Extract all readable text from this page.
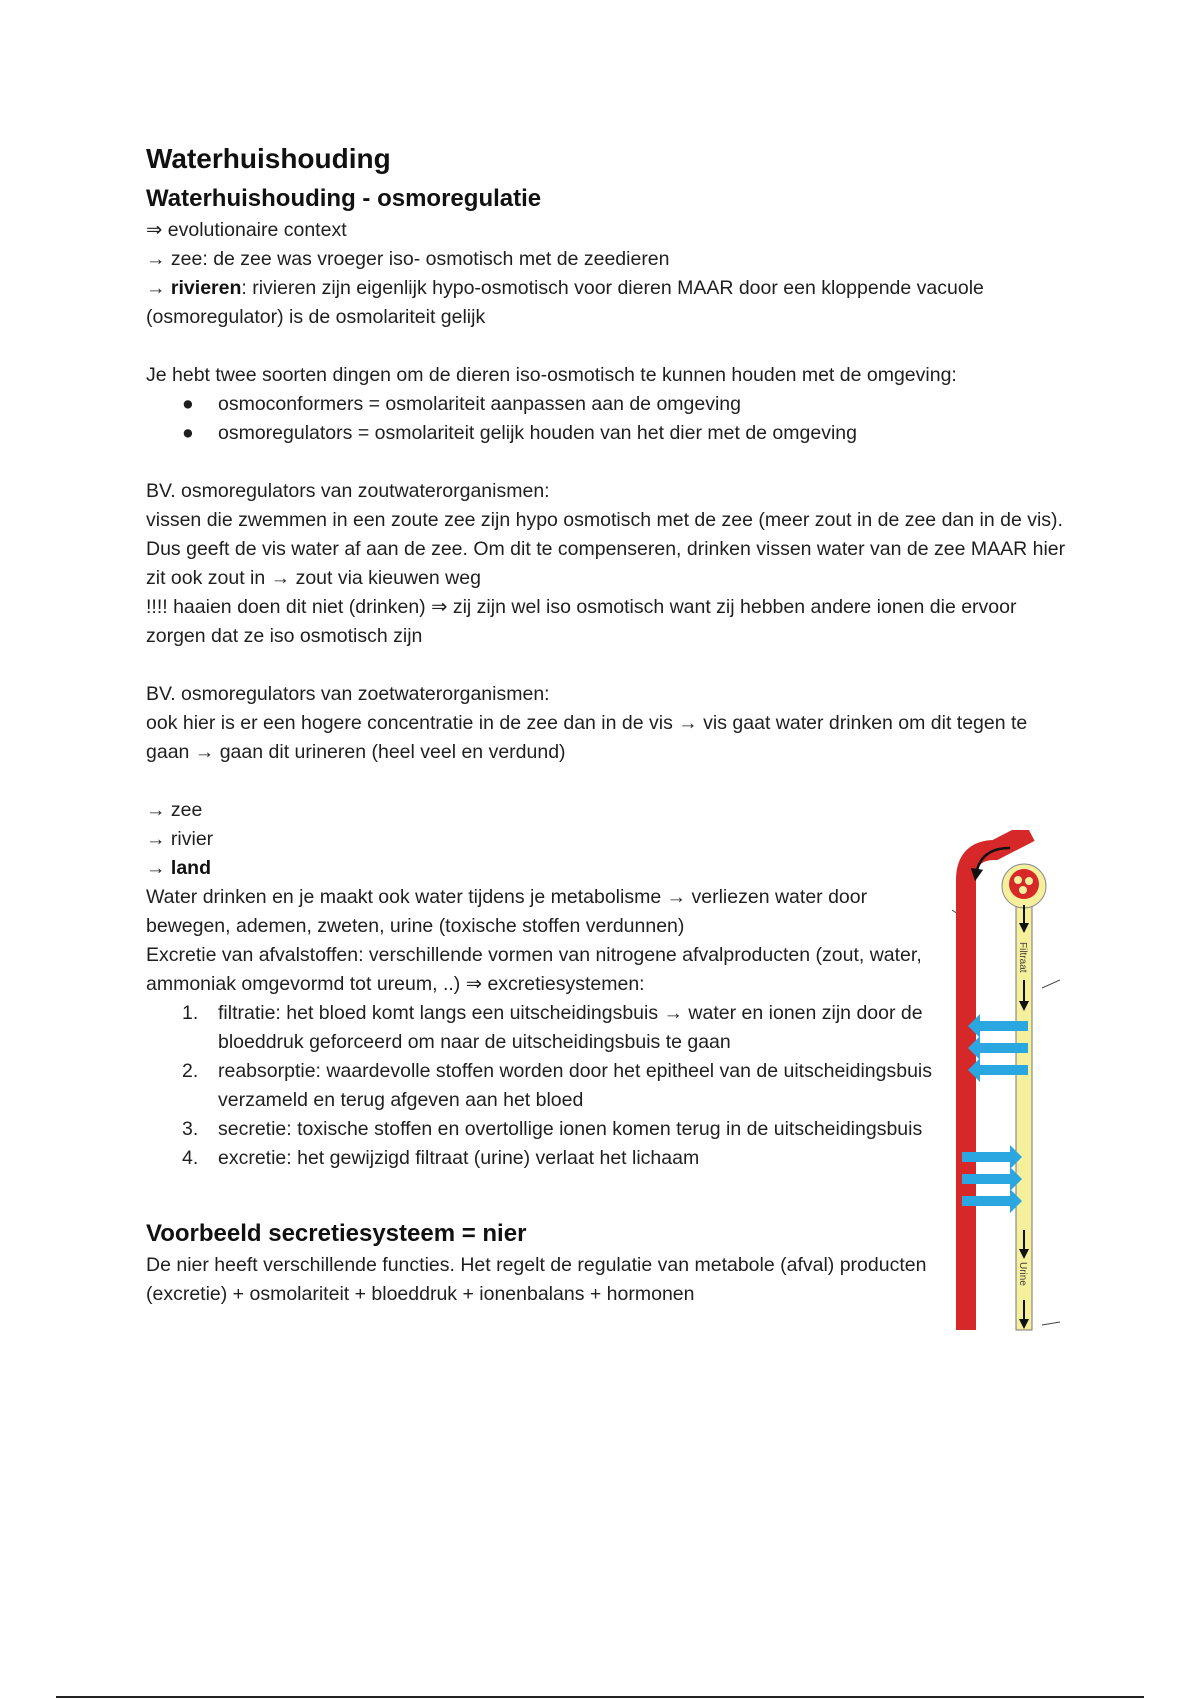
Waterhuishouding
Waterhuishouding - osmoregulatie

⇒ evolutionaire context

→ zee: de zee was vroeger iso- osmotisch met de zeedieren

→ rivieren: rivieren zijn eigenlijk hypo-osmotisch voor dieren MAAR door een kloppende vacuole (osmoregulator) is de osmolariteit gelijk

Je hebt twee soorten dingen om de dieren iso-osmotisch te kunnen houden met de omgeving:

● osmoconformers = osmolariteit aanpassen aan de omgeving
● osmoregulators = osmolariteit gelijk houden van het dier met de omgeving

BV. osmoregulators van zoutwaterorganismen:

vissen die zwemmen in een zoute zee zijn hypo osmotisch met de zee (meer zout in de zee dan in de vis). Dus geeft de vis water af aan de zee. Om dit te compenseren, drinken vissen water van de zee MAAR hier zit ook zout in → zout via kieuwen weg

!!!! haaien doen dit niet (drinken) ⇒ zij zijn wel iso osmotisch want zij hebben andere ionen die ervoor zorgen dat ze iso osmotisch zijn

BV. osmoregulators van zoetwaterorganismen:

ook hier is er een hogere concentratie in de zee dan in de vis → vis gaat water drinken om dit tegen te gaan → gaan dit urineren (heel veel en verdund)

→ zee

→ rivier

→ land

Water drinken en je maakt ook water tijdens je metabolisme → verliezen water door bewegen, ademen, zweten, urine (toxische stoffen verdunnen)

Excretie van afvalstoffen: verschillende vormen van nitrogene afvalproducten (zout, water, ammoniak omgevormd tot ureum, ..) ⇒ excretiesystemen:

1. filtratie: het bloed komt langs een uitscheidingsbuis → water en ionen zijn door de bloeddruk geforceerd om naar de uitscheidingsbuis te gaan
2. reabsorptie: waardevolle stoffen worden door het epitheel van de uitscheidingsbuis verzameld en terug afgeven aan het bloed
3. secretie: toxische stoffen en overtollige ionen komen terug in de uitscheidingsbuis
4. excretie: het gewijzigd filtraat (urine) verlaat het lichaam
Voorbeeld secretiesysteem = nier

De nier heeft verschillende functies. Het regelt de regulatie van metabole (afval) producten (excretie) + osmolariteit + bloeddruk + ionenbalans + hormonen

Filtraat
Urine
